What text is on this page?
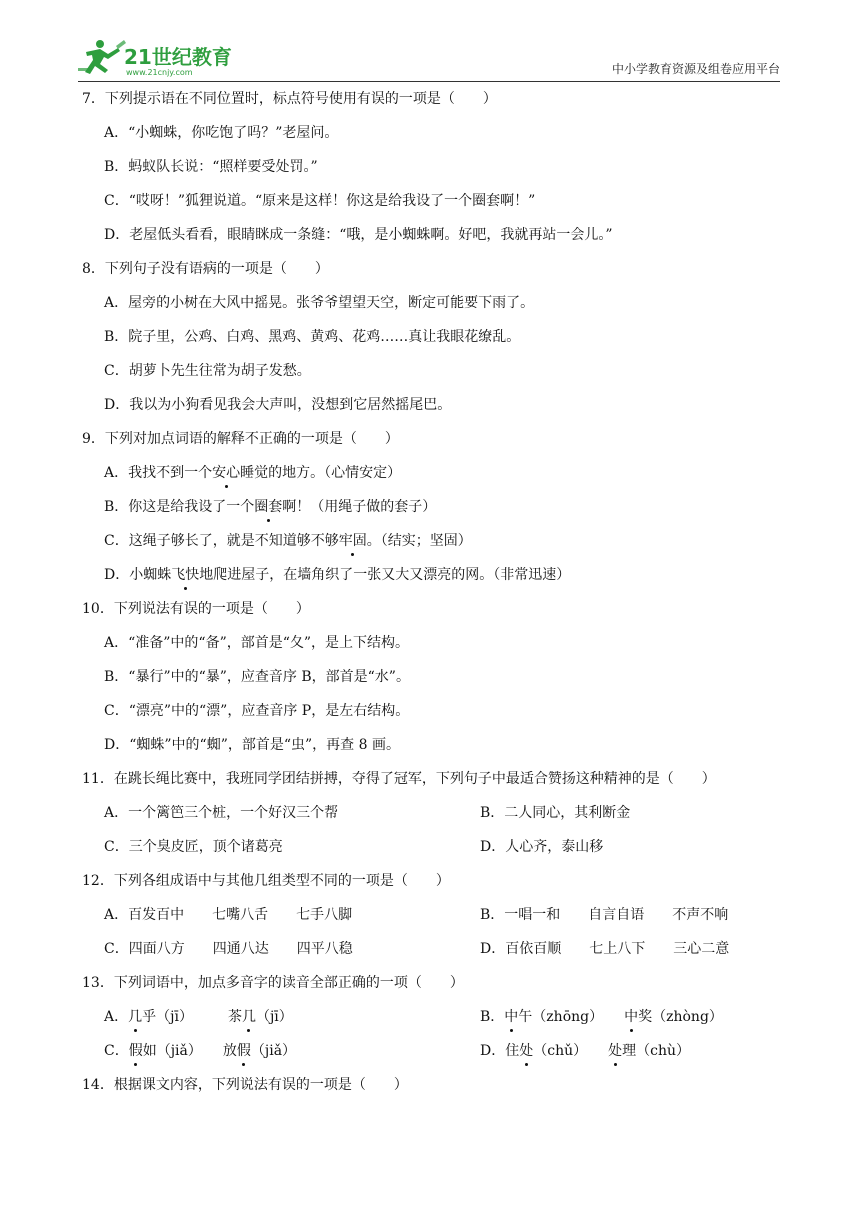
21世纪教育
www.21cnjy.com	中小学教育资源及组卷应用平台
7．下列提示语在不同位置时，标点符号使用有误的一项是（　　）
A．“小蜘蛛，你吃饱了吗？”老屋问。
B．蚂蚁队长说：“照样要受处罚。”
C．“哎呀！”狐狸说道。“原来是这样！你这是给我设了一个圈套啊！”
D．老屋低头看看，眼睛眯成一条缝：“哦，是小蜘蛛啊。好吧，我就再站一会儿。”
8．下列句子没有语病的一项是（　　）
A．屋旁的小树在大风中摇晃。张爷爷望望天空，断定可能要下雨了。
B．院子里，公鸡、白鸡、黑鸡、黄鸡、花鸡……真让我眼花缭乱。
C．胡萝卜先生往常为胡子发愁。
D．我以为小狗看见我会大声叫，没想到它居然摇尾巴。
9．下列对加点词语的解释不正确的一项是（　　）
A．我找不到一个安心睡觉的地方。（心情安定）
B．你这是给我设了一个圈套啊！（用绳子做的套子）
C．这绳子够长了，就是不知道够不够牢固。（结实；坚固）
D．小蜘蛛飞快地爬进屋子，在墙角织了一张又大又漂亮的网。（非常迅速）
10．下列说法有误的一项是（　　）
A．“准备”中的“备”，部首是“夂”，是上下结构。
B．“暴行”中的“暴”，应查音序 B，部首是“水”。
C．“漂亮”中的“漂”，应查音序 P，是左右结构。
D．“蜘蛛”中的“蜘”，部首是“虫”，再查 8 画。
11．在跳长绳比赛中，我班同学团结拼搏，夺得了冠军，下列句子中最适合赞扬这种精神的是（　　）
A．一个篱笆三个桩，一个好汉三个帮	B．二人同心，其利断金
C．三个臭皮匠，顶个诸葛亮	D．人心齐，泰山移
12．下列各组成语中与其他几组类型不同的一项是（　　）
A．百发百中　　七嘴八舌　　七手八脚	B．一唱一和　　自言自语　　不声不响
C．四面八方　　四通八达　　四平八稳	D．百依百顺　　七上八下　　三心二意
13．下列词语中，加点多音字的读音全部正确的一项（　　）
A．几乎（jī）　　　茶几（jī）	B．中午（zhōng）　　中奖（zhòng）
C．假如（jiǎ）　　放假（jiǎ）	D．住处（chǔ）　　处理（chù）
14．根据课文内容，下列说法有误的一项是（　　）
